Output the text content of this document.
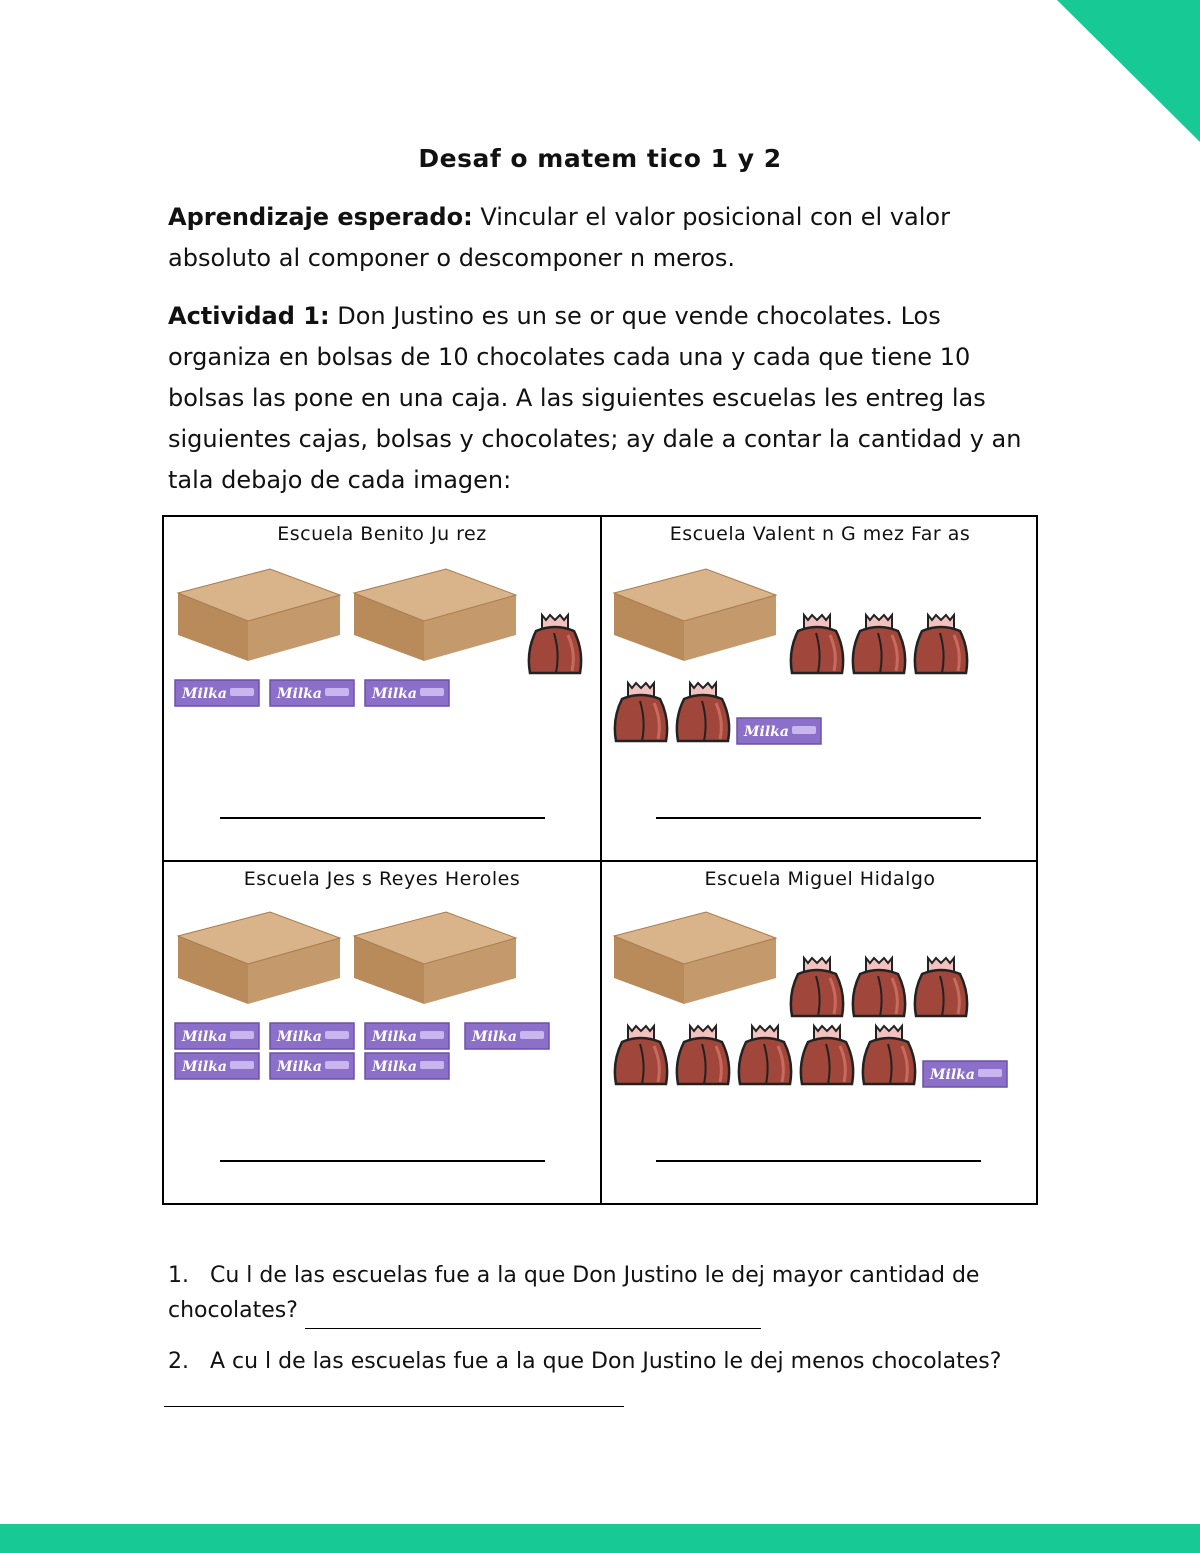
Desaf o matem tico 1 y 2

Aprendizaje esperado: Vincular el valor posicional con el valor absoluto al componer o descomponer n meros.

Actividad 1: Don Justino es un se or que vende chocolates. Los organiza en bolsas de 10 chocolates cada una y cada que tiene 10 bolsas las pone en una caja. A las siguientes escuelas les entreg las siguientes cajas, bolsas y chocolates; ay dale a contar la cantidad y an tala debajo de cada imagen:

Escuela Benito Ju rez
Milka	Milka	Milka
Escuela Valent n G mez Far as
Milka
Escuela Jes s Reyes Heroles
Milka	Milka	Milka	Milka
Milka	Milka	Milka
Escuela Miguel Hidalgo
Milka

1. Cu l de las escuelas fue a la que Don Justino le dej mayor cantidad de chocolates?

2. A cu l de las escuelas fue a la que Don Justino le dej menos chocolates?
